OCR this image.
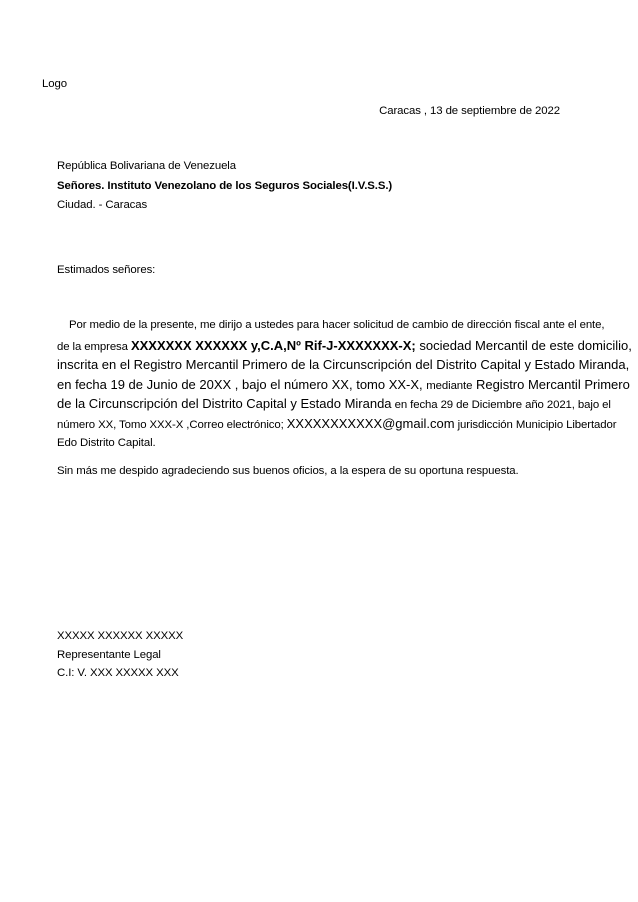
Logo
Caracas , 13 de septiembre de 2022
República Bolivariana de Venezuela
Señores. Instituto Venezolano de los Seguros Sociales(I.V.S.S.)
Ciudad. - Caracas
Estimados señores:
Por medio de la presente, me dirijo a ustedes para hacer solicitud de cambio de dirección fiscal ante el ente,
de la empresa XXXXXXX XXXXXX y,C.A,Nº Rif-J-XXXXXXX-X; sociedad Mercantil de este domicilio,
inscrita en el Registro Mercantil Primero de la Circunscripción del Distrito Capital y Estado Miranda,
en fecha 19 de Junio de 20XX , bajo el número XX, tomo XX-X, mediante Registro Mercantil Primero
de la Circunscripción del Distrito Capital y Estado Miranda en fecha 29 de Diciembre año 2021, bajo el
número XX, Tomo XXX-X ,Correo electrónico; XXXXXXXXXXX@gmail.com jurisdicción Municipio Libertador
Edo Distrito Capital.
Sin más me despido agradeciendo sus buenos oficios, a la espera de su oportuna respuesta.
XXXXX XXXXXX XXXXX
Representante Legal
C.I: V. XXX XXXXX XXX
